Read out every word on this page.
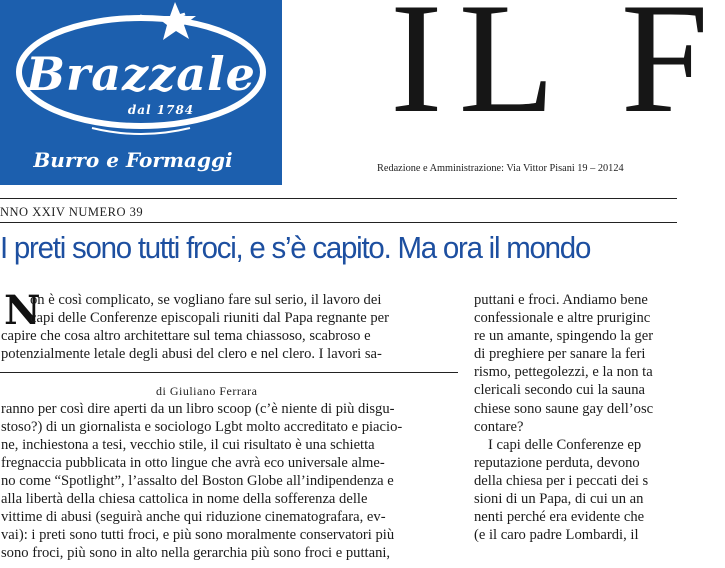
Brazzale
dal 1784
Burro e Formaggi
IL F
Redazione e Amministrazione: Via Vittor Pisani 19 – 20124
NNO XXIV NUMERO 39
I preti sono tutti froci, e s’è capito. Ma ora il mondo
N
on è così complicato, se vogliano fare sul serio, il lavoro dei
capi delle Conferenze episcopali riuniti dal Papa regnante per
capire che cosa altro architettare sul tema chiassoso, scabroso e
potenzialmente letale degli abusi del clero e nel clero. I lavori sa-
di Giuliano Ferrara
ranno per così dire aperti da un libro scoop (c’è niente di più disgu-
stoso?) di un giornalista e sociologo Lgbt molto accreditato e piacio-
ne, inchiestona a tesi, vecchio stile, il cui risultato è una schietta
fregnaccia pubblicata in otto lingue che avrà eco universale alme-
no come “Spotlight”, l’assalto del Boston Globe all’indipendenza e
alla libertà della chiesa cattolica in nome della sofferenza delle
vittime di abusi (seguirà anche qui riduzione cinematografara, ev-
vai): i preti sono tutti froci, e più sono moralmente conservatori più
sono froci, più sono in alto nella gerarchia più sono froci e puttani,
puttani e froci. Andiamo bene
confessionale e altre pruriginc
re un amante, spingendo la ger
di preghiere per sanare la feri
rismo, pettegolezzi, e la non ta
clericali secondo cui la sauna
chiese sono saune gay dell’osc
contare?
I capi delle Conferenze ep
reputazione perduta, devono
della chiesa per i peccati dei s
sioni di un Papa, di cui un an
nenti perché era evidente che
(e il caro padre Lombardi, il
